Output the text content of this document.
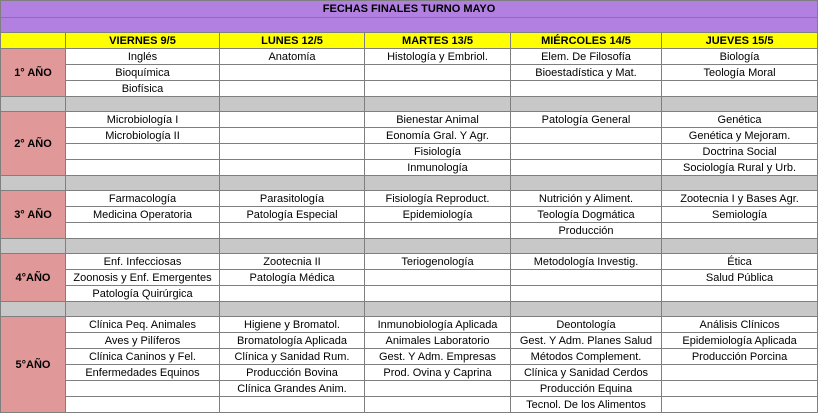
FECHAS FINALES TURNO MAYO					

	VIERNES 9/5	LUNES 12/5	MARTES 13/5	MIÉRCOLES 14/5	JUEVES 15/5
1° AÑO	Inglés	Anatomía	Histología y Embriol.	Elem. De Filosofía	Biología
	Bioquímica			Bioestadística y Mat.	Teología Moral
	Biofísica				

2° AÑO	Microbiología I		Bienestar Animal	Patología General	Genética
	Microbiología II		Eonomía Gral. Y Agr.		Genética y Mejoram.
			Fisiología		Doctrina Social
			Inmunología		Sociología Rural y Urb.

3° AÑO	Farmacología	Parasitología	Fisiología Reproduct.	Nutrición y Aliment.	Zootecnia I y Bases Agr.
	Medicina Operatoria	Patología Especial	Epidemiología	Teología Dogmática	Semiología
				Producción	

4°AÑO	Enf. Infecciosas	Zootecnia II	Teriogenología	Metodología Investig.	Ética
	Zoonosis y Enf. Emergentes	Patología Médica			Salud Pública
	Patología Quirúrgica				

5°AÑO	Clínica Peq. Animales	Higiene y Bromatol.	Inmunobiología Aplicada	Deontología	Análisis Clínicos
	Aves y Pilíferos	Bromatología Aplicada	Animales Laboratorio	Gest. Y Adm. Planes Salud	Epidemiología Aplicada
	Clínica Caninos y Fel.	Clínica y Sanidad Rum.	Gest. Y Adm. Empresas	Métodos Complement.	Producción Porcina
	Enfermedades Equinos	Producción Bovina	Prod. Ovina y Caprina	Clínica y Sanidad Cerdos	
		Clínica Grandes Anim.		Producción Equina	
				Tecnol. De los Alimentos	
